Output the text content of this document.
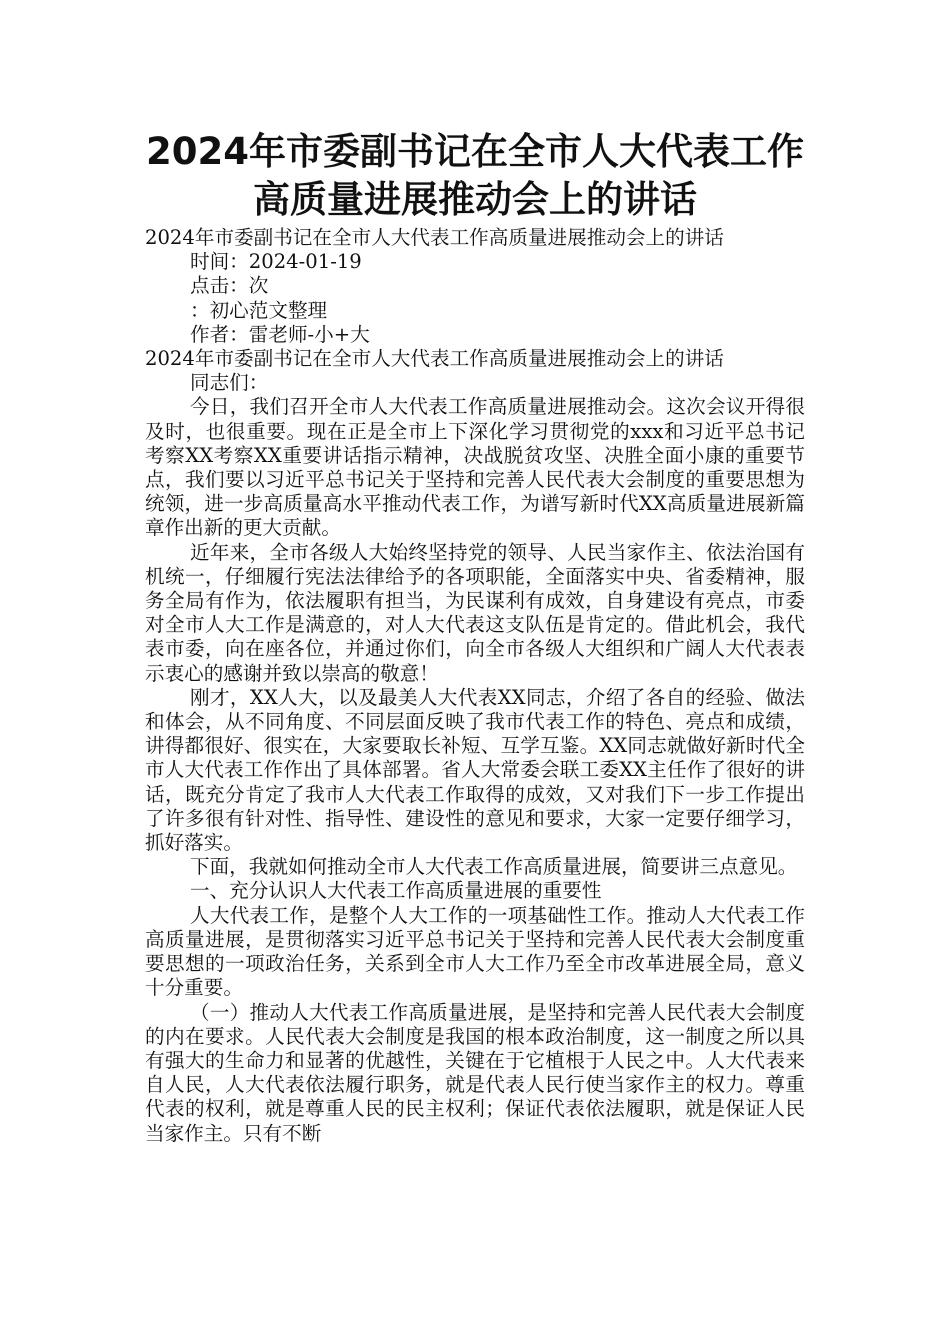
2024年市委副书记在全市人大代表工作
高质量进展推动会上的讲话

2024年市委副书记在全市人大代表工作高质量进展推动会上的讲话

时间：2024-01-19

点击：次

：初心范文整理

作者：雷老师-小+大

2024年市委副书记在全市人大代表工作高质量进展推动会上的讲话

同志们：

今日，我们召开全市人大代表工作高质量进展推动会。这次会议开得很及时，也很重要。现在正是全市上下深化学习贯彻党的xxx和习近平总书记考察XX考察XX重要讲话指示精神，决战脱贫攻坚、决胜全面小康的重要节点，我们要以习近平总书记关于坚持和完善人民代表大会制度的重要思想为统领，进一步高质量高水平推动代表工作，为谱写新时代XX高质量进展新篇章作出新的更大贡献。

近年来，全市各级人大始终坚持党的领导、人民当家作主、依法治国有机统一，仔细履行宪法法律给予的各项职能，全面落实中央、省委精神，服务全局有作为，依法履职有担当，为民谋利有成效，自身建设有亮点，市委对全市人大工作是满意的，对人大代表这支队伍是肯定的。借此机会，我代表市委，向在座各位，并通过你们，向全市各级人大组织和广阔人大代表表示衷心的感谢并致以崇高的敬意！

刚才，XX人大，以及最美人大代表XX同志，介绍了各自的经验、做法和体会，从不同角度、不同层面反映了我市代表工作的特色、亮点和成绩，讲得都很好、很实在，大家要取长补短、互学互鉴。XX同志就做好新时代全市人大代表工作作出了具体部署。省人大常委会联工委XX主任作了很好的讲话，既充分肯定了我市人大代表工作取得的成效，又对我们下一步工作提出了许多很有针对性、指导性、建设性的意见和要求，大家一定要仔细学习，抓好落实。

下面，我就如何推动全市人大代表工作高质量进展，简要讲三点意见。

一、充分认识人大代表工作高质量进展的重要性

人大代表工作，是整个人大工作的一项基础性工作。推动人大代表工作高质量进展，是贯彻落实习近平总书记关于坚持和完善人民代表大会制度重要思想的一项政治任务，关系到全市人大工作乃至全市改革进展全局，意义十分重要。

（一）推动人大代表工作高质量进展，是坚持和完善人民代表大会制度的内在要求。人民代表大会制度是我国的根本政治制度，这一制度之所以具有强大的生命力和显著的优越性，关键在于它植根于人民之中。人大代表来自人民，人大代表依法履行职务，就是代表人民行使当家作主的权力。尊重代表的权利，就是尊重人民的民主权利；保证代表依法履职，就是保证人民当家作主。只有不断
